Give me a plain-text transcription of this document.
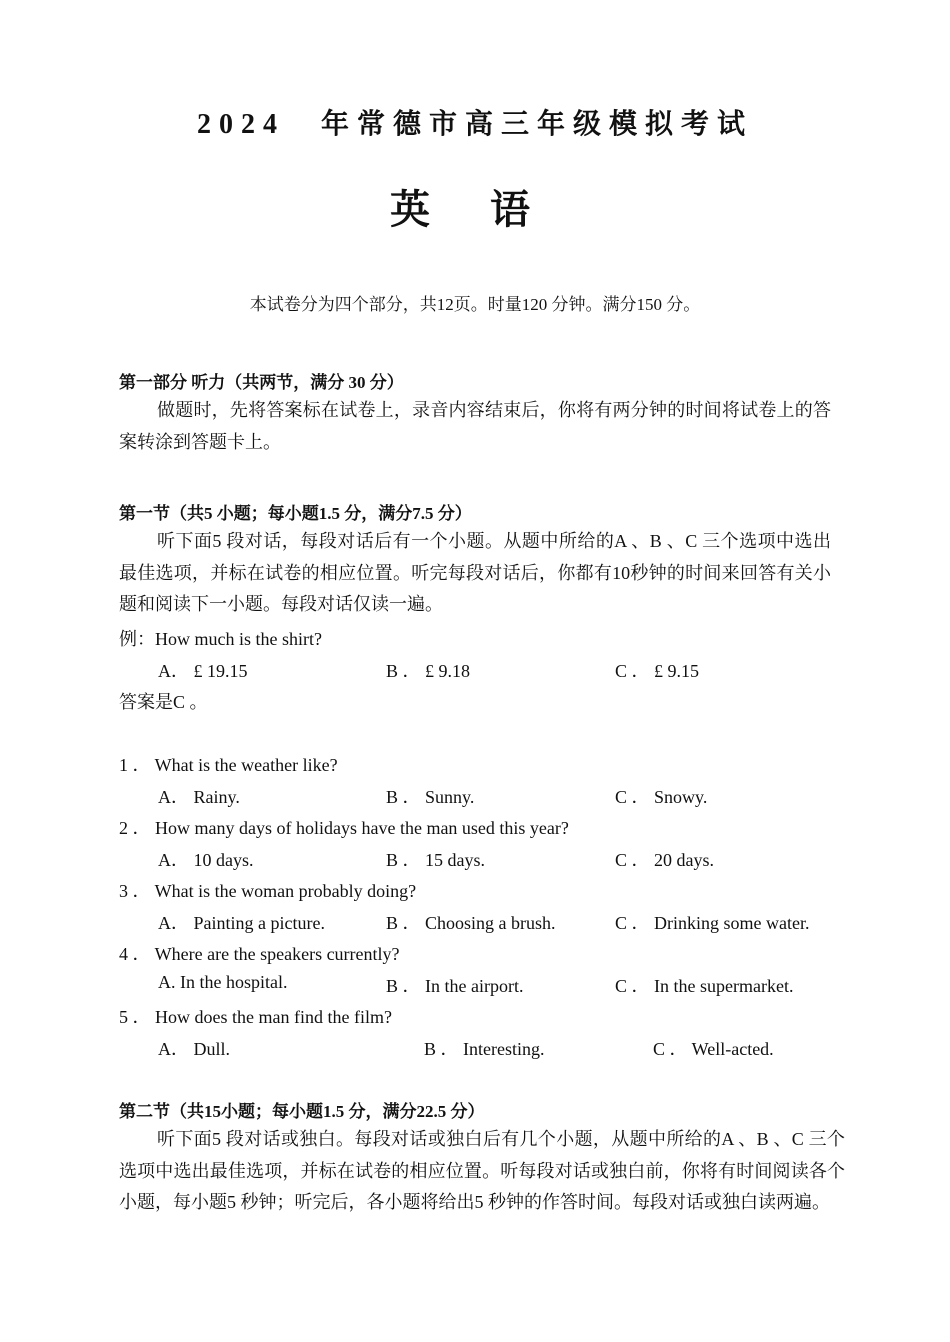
2024　年常德市高三年级模拟考试
英语
本试卷分为四个部分，共12页。时量120 分钟。满分150 分。
第一部分 听力（共两节，满分 30 分）
做题时，先将答案标在试卷上，录音内容结束后，你将有两分钟的时间将试卷上的答案转涂到答题卡上。
第一节（共5 小题；每小题1.5 分，满分7.5 分）
听下面5 段对话，每段对话后有一个小题。从题中所给的A 、B 、C 三个选项中选出最佳选项，并标在试卷的相应位置。听完每段对话后，你都有10秒钟的时间来回答有关小题和阅读下一小题。每段对话仅读一遍。
例：How much is the shirt?
A． £ 19.15	B ． £ 9.18	C ． £ 9.15
答案是C 。
1 ． What is the weather like?
A． Rainy.	B ． Sunny.	C ． Snowy.
2 ． How many days of holidays have the man used this year?
A． 10 days.	B ． 15 days.	C ． 20 days.
3 ． What is the woman probably doing?
A． Painting a picture.	B ． Choosing a brush.	C ． Drinking some water.
4 ． Where are the speakers currently?
A. In the hospital.	B ． In the airport.	C ． In the supermarket.
5 ． How does the man find the film?
A． Dull.	B ． Interesting.	C ． Well-acted.
第二节（共15小题；每小题1.5 分，满分22.5 分）
听下面5 段对话或独白。每段对话或独白后有几个小题，从题中所给的A 、B 、C 三个选项中选出最佳选项，并标在试卷的相应位置。听每段对话或独白前，你将有时间阅读各个小题，每小题5 秒钟；听完后，各小题将给出5 秒钟的作答时间。每段对话或独白读两遍。
